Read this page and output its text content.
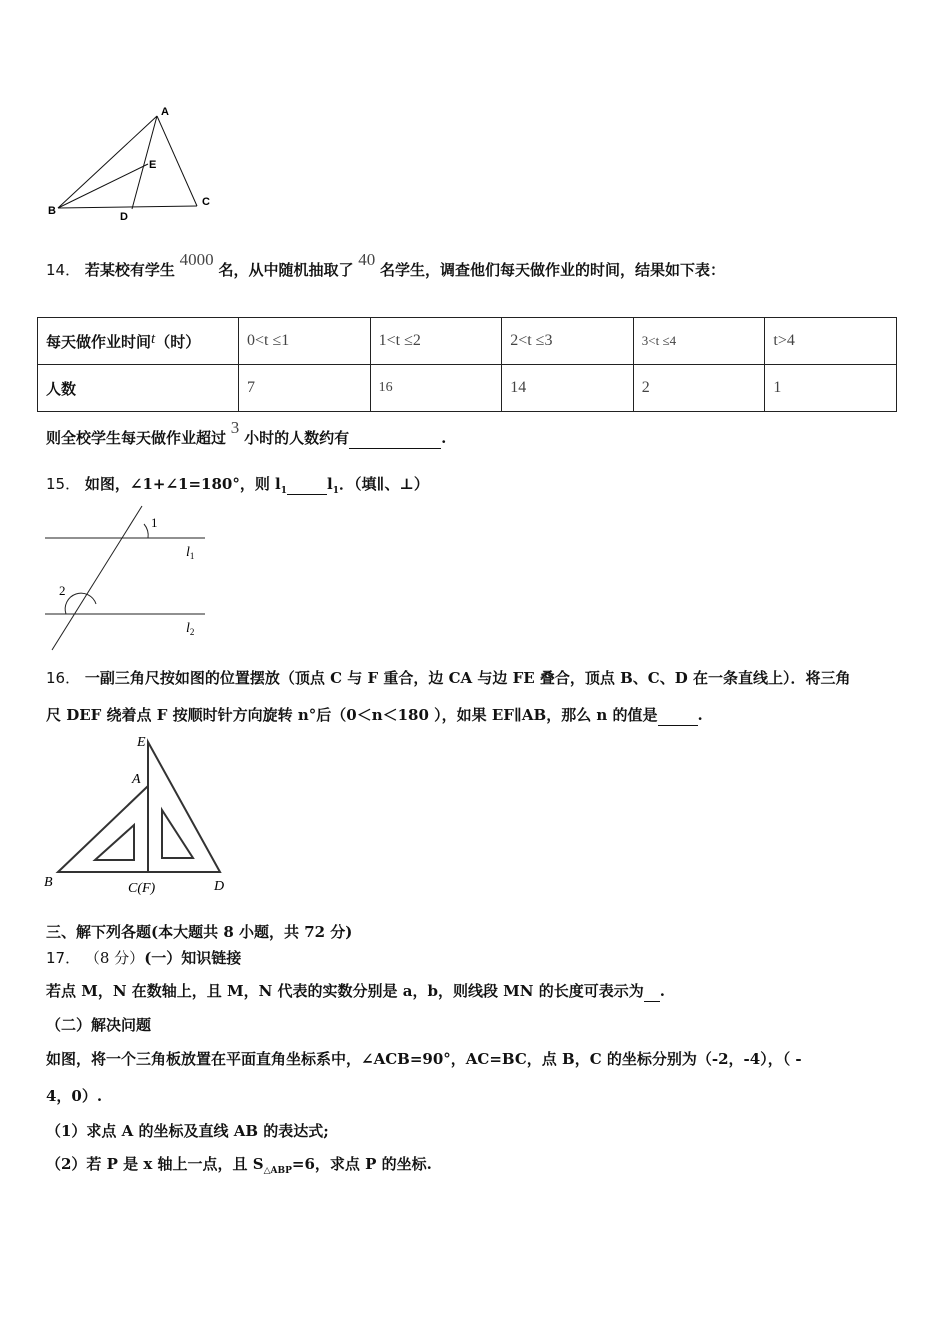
A
E
B	D
C
14． 若某校有学生 4000 名，从中随机抽取了 40 名学生，调查他们每天做作业的时间，结果如下表：
每天做作业时间t（时）	0<t ≤1	1<t ≤2	2<t ≤3	3<t ≤4	t>4
人数	7	16	14	2	1
则全校学生每天做作业超过 3 小时的人数约有	.
15． 如图，∠1+∠1=180°，则 $l_1$	$l_1$．（填∥、⊥）
1
2
$l_1$
$l_2$
16． 一副三角尺按如图的位置摆放（顶点 C 与 F 重合，边 CA 与边 FE 叠合，顶点 B、C、D 在一条直线上）．将三角
尺 DEF 绕着点 F 按顺时针方向旋转 n°后（0＜n＜180 ），如果 EF∥AB，那么 n 的值是	.
E
A
B	C(F)	D
三、解下列各题(本大题共 8 小题，共 72 分)
17． （8 分）(一）知识链接
若点 M，N 在数轴上，且 M，N 代表的实数分别是 a，b，则线段 MN 的长度可表示为 .
（二）解决问题
如图，将一个三角板放置在平面直角坐标系中，∠ACB=90°，AC=BC，点 B，C 的坐标分别为（-2，-4），（ -
4，0）.
（1）求点 A 的坐标及直线 AB 的表达式;
（2）若 P 是 x 轴上一点，且 $S_{\triangle ABP}=6$，求点 P 的坐标.
